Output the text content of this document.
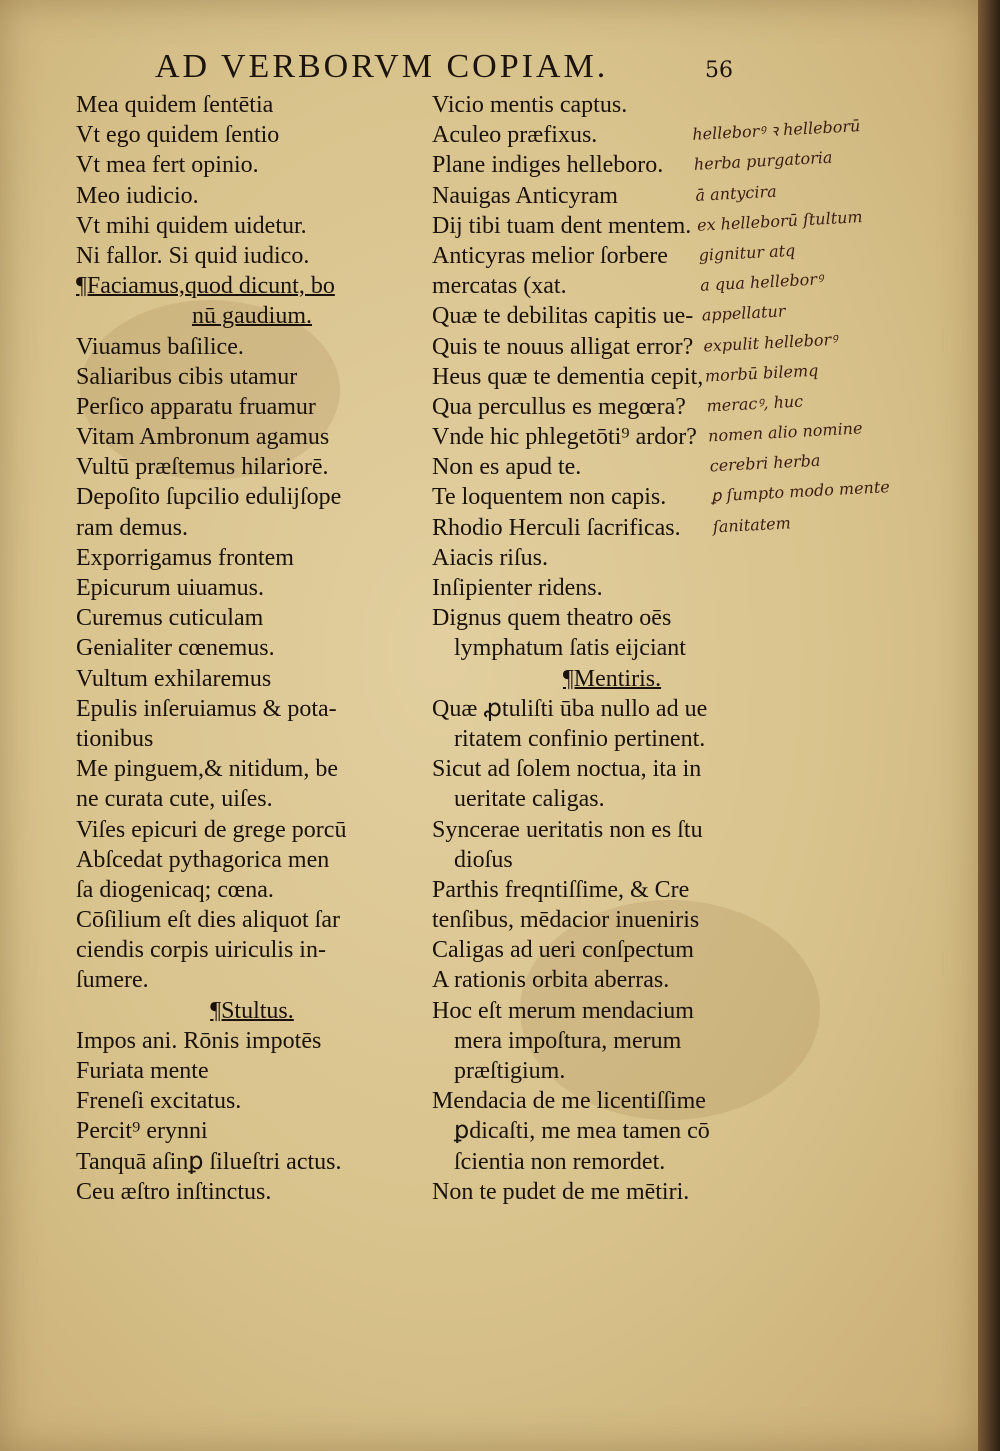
AD VERBORVM COPIAM.	56
Mea quidem ſentētia
Vt ego quidem ſentio
Vt mea fert opinio.
Meo iudicio.
Vt mihi quidem uidetur.
Ni fallor. Si quid iudico.
¶Faciamus,quod dicunt, bo
nū gaudium.
Viuamus baſilice.
Saliaribus cibis utamur
Perſico apparatu fruamur
Vitam Ambronum agamus
Vultū præſtemus hilariorē.
Depoſito ſupcilio edulijſope
ram demus.
Exporrigamus frontem
Epicurum uiuamus.
Curemus cuticulam
Genialiter cœnemus.
Vultum exhilaremus
Epulis inſeruiamus & pota-
tionibus
Me pinguem,& nitidum, be
ne curata cute, uiſes.
Viſes epicuri de grege porcū
Abſcedat pythagorica men
ſa diogenicaq; cœna.
Cōſilium eſt dies aliquot ſar
ciendis corpis uiriculis in-
ſumere.
¶Stultus.
Impos ani. Rōnis impotēs
Furiata mente
Freneſi excitatus.
Percit⁹ erynni
Tanquā aſinꝑ ſilueſtri actus.
Ceu æſtro inſtinctus.
Vicio mentis captus.
Aculeo præfixus.
Plane indiges helleboro.
Nauigas Anticyram
Dij tibi tuam dent mentem.
Anticyras melior ſorbere
mercatas (xat.
Quæ te debilitas capitis ue-
Quis te nouus alligat error?
Heus quæ te dementia cepit,
Qua percullus es megœra?
Vnde hic phlegetōti⁹ ardor?
Non es apud te.
Te loquentem non capis.
Rhodio Herculi ſacrificas.
Aiacis riſus.
Inſipienter ridens.
Dignus quem theatro oēs
lymphatum ſatis eijciant
¶Mentiris.
Quæ ꝓtuliſti ūba nullo ad ue
ritatem confinio pertinent.
Sicut ad ſolem noctua, ita in
ueritate caligas.
Syncerae ueritatis non es ſtu
dioſus
Parthis freqntiſſime, & Cre
tenſibus, mēdacior inueniris
Caligas ad ueri conſpectum
A rationis orbita aberras.
Hoc eſt merum mendacium
mera impoſtura, merum
præſtigium.
Mendacia de me licentiſſime
ꝑdicaſti, me mea tamen cō
ſcientia non remordet.
Non te pudet de me mētiri.
helleborꝰ ꝛ helleborū
herba purgatoria
ā antycira
ex helleborū ſtultum
gignitur atq
a qua helleborꝰ
appellatur
expulit helleborꝰ
morbū bilemq
meracꝰ, huc
nomen alio nomine
cerebri herba
ꝑ ſumpto modo mente
ſanitatem
